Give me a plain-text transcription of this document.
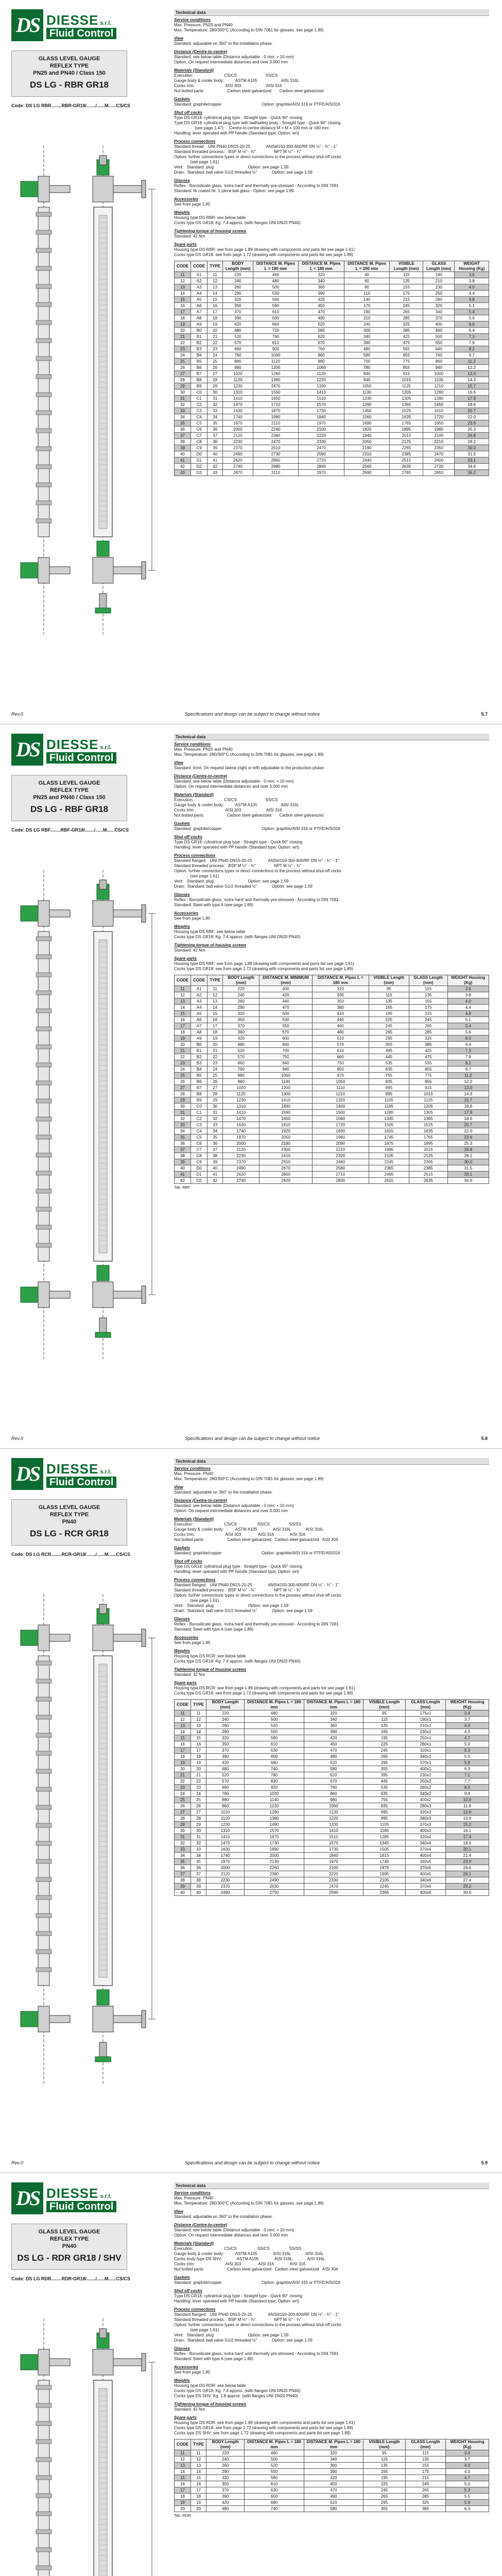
DS DIESSE s.r.l.
Fluid Control
GLASS LEVEL GAUGE
REFLEX TYPE
PN25 and PN40 / Class 150
DS LG - RBR GR18
Code: DS LG RBR........RBR-GR18/......./......M......CS/CS
Technical data
Service conditions
Max. Pressure: PN25 and PN40
Max. Temperature: 280/300°C (According to DIN 7081 for glasses, see page 1.89)
View
Standard: adjustable on 360° to the installation phase.
Distance (Centre-to-centre)
Standard: see below table (Distance adjustable - 0 mm; + 10 mm)
Option: On request intermediate distances and over 3.000 mm
Materials (Standard)
Execution:                           CS/CS                         SS/CS
Gauge body & cooler body:          ASTM A105                     AISI 316L
Cocks trim:                           AISI 303                      AISI 316
Nut bolted parts:                    Carbon steel galvanized       Carbon steel galvanized
Gaskets
Standard: graphite/copper                                   Option: graphite/AISI 316 or PTFE/AISI316
Shut off cocks
Type DS GR18: cylindrical plug type - Straight type - Quick 90° closing
Type DS GR18: cylindrical plug type with ball/safety body - Straight type - Quick 90° closing
(see page 1.47)     Centre-to-centre distance M = M + 100 mm or 180 mm
Handling: lever operated with PP handle (Standard type; Option: wrt)
Process connections
Standard thread:   UNI PN40 DN15-20-25              ANSI#150-300-600/RF DN ½" - ¾" - 1"
Standard threaded process:   BSP M ½" - ¾"                NPT M ½" - ¾"
Option: further connections types or direct connections to the process without shut-off cocks
(see page 1.61)
Vent:   Standard: plug                              Option: see page 1.59
Drain:  Standard: ball valve G1/2 threaded ½"             Option: see page 1.59
Glasses
Reflex - Borosilicate glass, 'extra hard' and thermally pre-stressed - According to DIN 7081
Standard: Ni coated Nr. 1 piece ball glass - Option: see page 1.89
Accessories
See from page 1.85
Weights
Housing type DS RBR: see below table
Cocks type DS GR18: Kg. 7.4 approx. (with flanges UNI DN20 PN40)
Tightening torque of housing screws
Standard: 42 Nm
Spare parts
Housing type DS RBR: see from page 1.89 (drawing with components and parts list see page 1.61)
Cocks type DS GR18: see from page 1.72 (drawing with components and parts list see page 1.89)
CODE	CODE	TYPE	BODY Length (mm)	DISTANCE M. Pipes L = 180 mm	DISTANCE M. Pipes L = 180 mm	DISTANCE M. Pipes L = 200 mm	VISIBLE Length (mm)	GLASS Length (mm)	WEIGHT Housing (Kg)
11	A1	11	220	460	320	40	115	190	3.6
12	A2	12	240	480	340	60	135	210	3.8
13	A3	13	260	500	360	80	155	230	4.0
14	A4	14	290	530	390	110	175	250	4.4
15	A5	15	320	560	420	140	215	280	4.8
16	A6	16	350	590	450	170	245	320	5.1
17	A7	17	370	610	470	190	265	340	5.4
18	A8	18	390	630	490	210	285	370	5.6
19	A9	19	420	660	520	240	325	400	6.0
20	B0	20	480	720	580	300	385	460	6.4
21	B1	21	520	760	620	340	425	500	7.3
22	B2	22	570	810	670	390	475	550	7.9
23	B3	23	660	900	760	480	555	640	8.2
24	B4	24	760	1000	860	580	655	740	9.7
25	B5	25	880	1120	980	700	775	860	11.2
26	B6	26	960	1200	1060	780	855	940	12.2
27	B7	27	1020	1260	1120	840	915	1000	13.0
28	B8	28	1120	1360	1220	940	1015	1100	14.3
29	B9	29	1230	1470	1330	1050	1125	1210	15.7
30	C0	30	1310	1550	1410	1130	1205	1290	16.6
31	C1	31	1410	1650	1510	1230	1305	1390	17.9
32	C2	32	1470	1710	1570	1290	1365	1450	18.6
33	C3	33	1630	1870	1730	1450	1525	1610	20.7
34	C4	34	1740	1980	1840	1560	1635	1720	22.0
35	C5	35	1870	2110	1970	1690	1765	1850	23.6
36	C6	36	2000	2240	2100	1820	1895	1980	25.3
37	C7	37	2120	2360	2220	1940	2015	2100	26.8
38	C8	38	2230	2470	2330	2050	2125	2210	28.2
39	C9	39	2370	2610	2470	2190	2265	2350	30.0
40	D0	40	2490	2730	2590	2310	2385	2470	31.5
41	D1	41	2620	2860	2720	2440	2515	2600	33.1
42	D2	42	2740	2980	2840	2560	2635	2720	34.6
43	D3	43	2870	3110	2970	2690	2765	2850	36.2
Rev.0	Specifications and design can be subject to change without notice	5.7
DS DIESSE s.r.l.
Fluid Control
GLASS LEVEL GAUGE
REFLEX TYPE
PN25 and PN40 / Class 150
DS LG - RBF GR18
Code: DS LG RBF........RBF-GR18/......./......M......CS/CS
Technical data
Service conditions
Max. Pressure: PN25 and PN40
Max. Temperature: 280/300°C (According to DIN 7081 for glasses, see page 1.89)
View
Standard: front. On request lateral (right or left) adjustable to the production phase
Distance (Centre-to-centre)
Standard: see below table (Distance adjustable - 0 mm; + 10 mm)
Option: On request intermediate distances and over 3.000 mm
Materials (Standard)
Execution:                           CS/CS                         SS/CS
Gauge body & cooler body:          ASTM A105                     AISI 316L
Cocks trim:                           AISI 303                      AISI 316
Nut bolted parts:                    Carbon steel galvanized       Carbon steel galvanized
Gaskets
Standard: graphite/copper                                   Option: graphite/AISI 316 or PTFE/AISI316
Shut off cocks
Type DS GR18: cylindrical plug type - Straight type - Quick 90° closing
Handling: lever operated with PP handle (Standard type; Option: wrt)
Process connections
Standard flanged:   UNI PN40 DN15-20-25              ANSI#150-300-600/RF DN ½" - ¾" - 1"
Standard threaded process:   BSP M ½" - ¾"                NPT M ½" - ¾"
Option: further connections types or direct connections to the process without shut-off cocks
(see page 1.61)
Vent:   Standard: plug                              Option: see page 1.59
Drain:  Standard: ball valve G1/2 threaded ½"             Option: see page 1.59
Glasses
Reflex - Borosilicate glass, 'extra hard' and thermally pre-stressed - According to DIN 7081
Standard: Steel with type A (see page 1.89)
Accessories
See from page 1.85
Weights
Housing type DS RBF: see below table
Cocks type DS GR18: Kg. 7.4 approx. (with flanges UNI DN20 PN40)
Tightening torque of housing screws
Standard: 42 Nm
Spare parts
Housing type DS RBF: see from page 1.89 (drawing with components and parts list see page 1.61)
Cocks type DS GR18: see from page 1.72 (drawing with components and parts list see page 1.89)
CODE	CODE	TYPE	BODY Length (mm)	DISTANCE M. MINIMUM (mm)	DISTANCE M. Pipes L = 180 mm	VISIBLE Length (mm)	GLASS Length (mm)	WEIGHT Housing (Kg)
11	A1	11	220	400	310	95	115	3.6
12	A2	12	240	420	330	115	135	3.8
13	A3	13	260	440	350	135	155	4.0
14	A4	14	290	470	380	165	175	4.4
15	A5	15	320	500	410	195	215	4.8
16	A6	16	350	530	440	225	245	5.1
17	A7	17	370	550	460	245	265	5.4
18	A8	18	390	570	480	265	285	5.6
19	A9	19	420	600	510	295	325	6.0
20	B0	20	480	660	570	355	385	6.4
21	B1	21	520	700	610	395	425	7.3
22	B2	22	570	750	660	445	475	7.9
23	B3	23	660	840	750	535	555	8.2
24	B4	24	760	940	850	635	655	9.7
25	B5	25	880	1060	970	755	775	11.2
26	B6	26	960	1140	1050	835	855	12.2
27	B7	27	1020	1200	1110	895	915	13.0
28	B8	28	1120	1300	1210	995	1015	14.3
29	B9	29	1230	1410	1320	1105	1125	15.7
30	C0	30	1310	1490	1400	1185	1205	16.6
31	C1	31	1410	1590	1500	1285	1305	17.9
32	C2	32	1470	1650	1560	1345	1365	18.6
33	C3	33	1630	1810	1720	1505	1525	20.7
34	C4	34	1740	1920	1830	1615	1635	22.0
35	C5	35	1870	2050	1960	1745	1765	23.6
36	C6	36	2000	2180	2090	1875	1895	25.3
37	C7	37	2120	2300	2210	1995	2015	26.8
38	C8	38	2230	2410	2320	2105	2125	28.2
39	C9	39	2370	2550	2460	2245	2265	30.0
40	D0	40	2490	2670	2580	2365	2385	31.5
41	D1	41	2620	2800	2710	2495	2515	33.1
42	D2	42	2740	2920	2830	2615	2635	34.6
Tab. RBF
Rev.0	Specifications and design can be subject to change without notice	5.8
DS DIESSE s.r.l.
Fluid Control
GLASS LEVEL GAUGE
REFLEX TYPE
PN40
DS LG - RCR GR18
Code: DS LG RCR........RCR-GR18/......./......M......CS/CS
Technical data
Service conditions
Max. Pressure: PN40
Max. Temperature: 280/300°C (According to DIN 7081 for glasses, see page 1.89)
View
Standard: adjustable on 360° to the installation phase.
Distance (Centre-to-centre)
Standard: see below table (Distance adjustable - 0 mm; + 10 mm)
Option: On request intermediate distances and over 3.000 mm
Materials (Standard)
Execution:                           CS/CS                  SS/CS                 SS/SS
Gauge body & cooler body:          ASTM A105              AISI 316L             AISI 316L
Cocks trim:                           AISI 303               AISI 316              AISI 316
Nut bolted parts:                    Carbon steel galvanized   Carbon steel galvanized   AISI 304
Gaskets
Standard: graphite/copper                                   Option: graphite/AISI 316 or PTFE/AISI316
Shut off cocks
Type DS GR18: cylindrical plug type - Straight type - Quick 90° closing
Handling: lever operated with PP handle (Standard type; Option: wrt)
Process connections
Standard flanged:   UNI PN40 DN15-20-25              ANSI#150-300-600/RF DN ½" - ¾" - 1"
Standard threaded process:   BSP M ½" - ¾"                NPT M ½" - ¾"
Option: further connections types or direct connections to the process without shut-off cocks
(see page 1.61)
Vent:   Standard: plug                              Option: see page 1.59
Drain:  Standard: ball valve G1/2 threaded ½"             Option: see page 1.59
Glasses
Reflex - Borosilicate glass, 'extra hard' and thermally pre-stressed - According to DIN 7081
Standard: Steel with type A (see page 1.89)
Accessories
See from page 1.85
Weights
Housing type DS RCR: see below table
Cocks type DS GR18: Kg. 7.4 approx. (with flanges UNI DN20 PN40)
Tightening torque of housing screws
Standard: 42 Nm
Spare parts
Housing type DS RCR: see from page 1.89 (drawing with components and parts list see page 1.61)
Cocks type DS GR18: see from page 1.72 (drawing with components and parts list see page 1.89)
CODE	TYPE	BODY Length (mm)	DISTANCE M. Pipes L = 180 mm	DISTANCE M. Pipes L = 180 mm	VISIBLE Length (mm)	GLASS Length (mm)	WEIGHT Housing (Kg)
11	11	220	480	320	95	175x1	3.4
12	12	240	500	340	115	190x1	3.7
13	13	260	520	360	135	210x1	4.0
14	14	290	550	390	165	230x1	4.3
15	15	320	580	420	195	250x1	4.7
16	16	350	610	450	225	280x1	5.0
17	17	370	630	470	245	320x1	5.3
18	18	390	650	490	265	340x1	5.5
19	19	420	680	520	295	370x1	5.9
20	20	480	740	580	355	400x1	6.3
21	21	520	780	620	395	230x2	7.1
22	22	570	830	670	445	250x2	7.7
23	23	660	920	760	535	280x2	8.0
24	24	760	1020	860	635	340x2	9.4
25	25	880	1140	980	755	400x2	10.9
26	26	960	1220	1060	835	280x3	11.8
27	27	1020	1280	1120	895	320x3	12.6
28	28	1120	1380	1220	995	340x3	13.9
29	29	1230	1490	1330	1105	370x3	15.2
30	30	1310	1570	1410	1185	400x3	16.1
31	31	1410	1670	1510	1285	320x4	17.4
32	32	1470	1730	1570	1345	340x4	18.0
33	33	1630	1890	1730	1505	370x4	20.1
34	34	1740	2000	1840	1615	400x4	21.4
35	35	1870	2130	1970	1745	340x5	23.0
36	36	2000	2260	2100	1875	370x5	24.6
37	37	2120	2380	2220	1995	400x5	26.1
38	38	2230	2490	2330	2105	340x6	27.4
39	39	2370	2630	2470	2245	370x6	29.2
40	40	2490	2750	2590	2365	400x6	30.6
Rev.0	Specifications and design can be subject to change without notice	5.9
DS DIESSE s.r.l.
Fluid Control
GLASS LEVEL GAUGE
REFLEX TYPE
PN40
DS LG - RDR GR18 / SHV
Code: DS LG RDR........RDR-GR18/......./......M......CS/CS
Technical data
Service conditions
Max. Pressure: PN40
Max. Temperature: 280/300°C (According to DIN 7081 for glasses, see page 1.89)
View
Standard: adjustable on 360° to the installation phase.
Distance (Centre-to-centre)
Standard: see below table (Distance adjustable - 0 mm; + 10 mm)
Option: On request intermediate distances and over 3.000 mm
Materials (Standard)
Execution:                           CS/CS                  SS/CS                 SS/SS
Gauge body & cooler body:          ASTM A105              AISI 316L             AISI 316L
Cocks body type DS SHV:             ASTM A105              AISI 316L             AISI 316L
Cocks trim:                           AISI 303               AISI 316              AISI 316
Nut bolted parts:                    Carbon steel galvanized   Carbon steel galvanized   AISI 304
Gaskets
Standard: graphite/copper                                   Option: graphite/AISI 316 or PTFE/AISI316
Shut off cocks
Type DS GR18: cylindrical plug type - Straight type - Quick 90° closing
Handling: lever operated with PP handle (Standard type; Option: wrt)
Process connections
Standard flanged:   UNI PN40 DN15-20-25              ANSI#150-300-600/RF DN ½" - ¾" - 1"
Standard threaded process:   BSP M ½" - ¾"                NPT M ½" - ¾"
Option: further connections types or direct connections to the process without shut-off cocks
(see page 1.61)
Vent:   Standard: plug                              Option: see page 1.59
Drain:  Standard: ball valve G1/2 threaded ½"             Option: see page 1.59
Glasses
Reflex - Borosilicate glass, 'extra hard' and thermally pre-stressed - According to DIN 7081
Standard: Steel with type A (see page 1.89)
Accessories
See from page 1.85
Weights
Housing type DS RDR: see below table
Cocks type DS GR18: Kg. 7.4 approx. (with flanges UNI DN20 PN40)
Cocks type DS SHV: Kg. 1.8 approx. (with flanges UNI DN20 PN40)
Tightening torque of housing screws
Standard: 42 Nm
Spare parts
Housing type DS RDR: see from page 1.89 (drawing with components and parts list see page 1.61)
Cocks type DS GR18: see from page 1.72 (drawing with components and parts list see page 1.89)
Cocks type DS SHV: see from page 1.72 (drawing with components and parts list see page 1.89)
CODE	TYPE	BODY Length (mm)	DISTANCE M. Pipes L = 180 mm	DISTANCE M. Pipes L = 180 mm	VISIBLE Length (mm)	GLASS Length (mm)	WEIGHT Housing (Kg)
11	11	220	480	320	95	115	3.4
12	12	240	500	340	115	135	3.7
13	13	260	520	360	135	155	4.0
14	14	290	550	390	165	175	4.3
15	15	320	580	420	195	215	4.7
16	16	350	610	450	225	245	5.0
17	17	370	630	470	245	265	5.3
18	18	390	650	490	265	285	5.5
19	19	420	680	520	295	325	5.9
20	20	480	740	580	355	385	6.3
Tab. RDR
